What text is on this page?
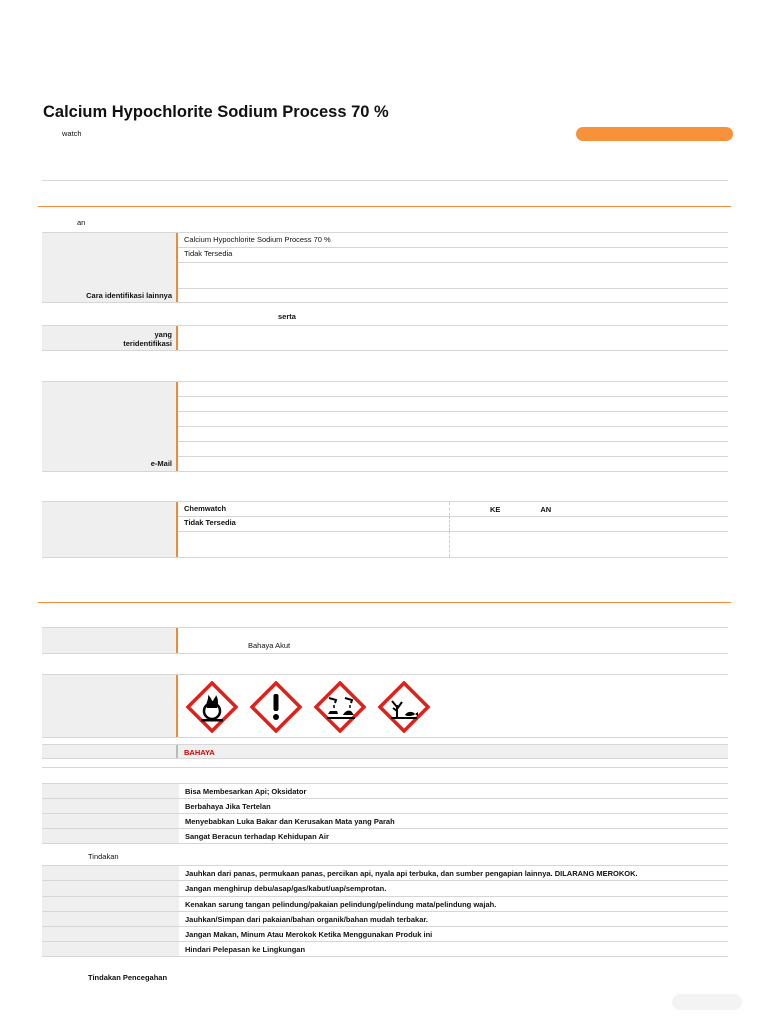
Calcium Hypochlorite Sodium Process 70 %
watch
an
Calcium Hypochlorite Sodium Process 70 %
Tidak Tersedia
Cara identifikasi lainnya
serta
yang
teridentifikasi
e-Mail
Chemwatch	KE	AN
Tidak Tersedia
Bahaya Akut
BAHAYA
Bisa Membesarkan Api; Oksidator
Berbahaya Jika Tertelan
Menyebabkan Luka Bakar dan Kerusakan Mata yang Parah
Sangat Beracun terhadap Kehidupan Air
Tindakan
Jauhkan dari panas, permukaan panas, percikan api, nyala api terbuka, dan sumber pengapian lainnya. DILARANG MEROKOK.
Jangan menghirup debu/asap/gas/kabut/uap/semprotan.
Kenakan sarung tangan pelindung/pakaian pelindung/pelindung mata/pelindung wajah.
Jauhkan/Simpan dari pakaian/bahan organik/bahan mudah terbakar.
Jangan Makan, Minum Atau Merokok Ketika Menggunakan Produk ini
Hindari Pelepasan ke Lingkungan
Tindakan Pencegahan
